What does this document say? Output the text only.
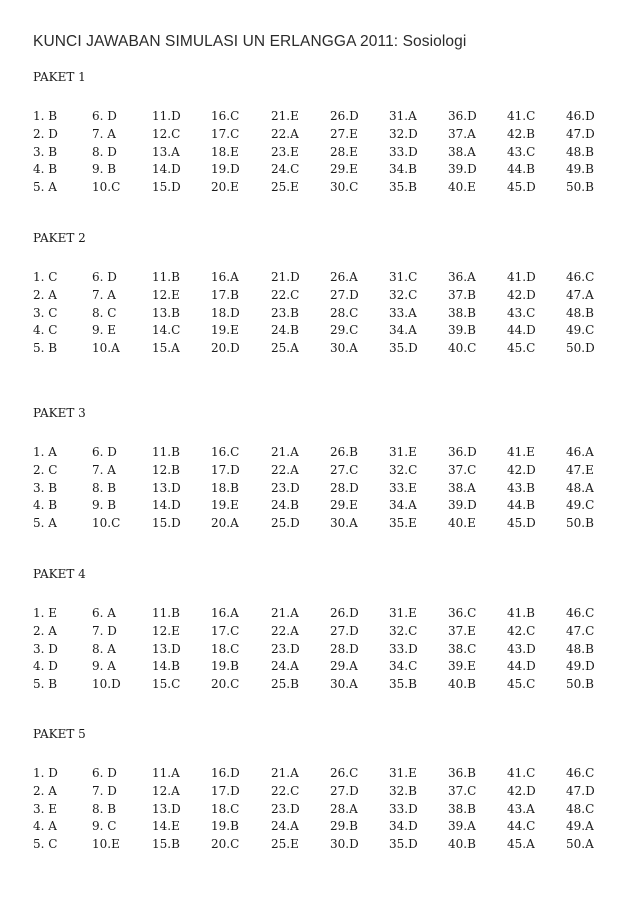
KUNCI JAWABAN SIMULASI UN ERLANGGA 2011: Sosiologi
PAKET 1
1. B	6. D	11.D	16.C	21.E	26.D	31.A	36.D	41.C	46.D
2. D	7. A	12.C	17.C	22.A	27.E	32.D	37.A	42.B	47.D
3. B	8. D	13.A	18.E	23.E	28.E	33.D	38.A	43.C	48.B
4. B	9. B	14.D	19.D	24.C	29.E	34.B	39.D	44.B	49.B
5. A	10.C	15.D	20.E	25.E	30.C	35.B	40.E	45.D	50.B
PAKET 2
1. C	6. D	11.B	16.A	21.D	26.A	31.C	36.A	41.D	46.C
2. A	7. A	12.E	17.B	22.C	27.D	32.C	37.B	42.D	47.A
3. C	8. C	13.B	18.D	23.B	28.C	33.A	38.B	43.C	48.B
4. C	9. E	14.C	19.E	24.B	29.C	34.A	39.B	44.D	49.C
5. B	10.A	15.A	20.D	25.A	30.A	35.D	40.C	45.C	50.D
PAKET 3
1. A	6. D	11.B	16.C	21.A	26.B	31.E	36.D	41.E	46.A
2. C	7. A	12.B	17.D	22.A	27.C	32.C	37.C	42.D	47.E
3. B	8. B	13.D	18.B	23.D	28.D	33.E	38.A	43.B	48.A
4. B	9. B	14.D	19.E	24.B	29.E	34.A	39.D	44.B	49.C
5. A	10.C	15.D	20.A	25.D	30.A	35.E	40.E	45.D	50.B
PAKET 4
1. E	6. A	11.B	16.A	21.A	26.D	31.E	36.C	41.B	46.C
2. A	7. D	12.E	17.C	22.A	27.D	32.C	37.E	42.C	47.C
3. D	8. A	13.D	18.C	23.D	28.D	33.D	38.C	43.D	48.B
4. D	9. A	14.B	19.B	24.A	29.A	34.C	39.E	44.D	49.D
5. B	10.D	15.C	20.C	25.B	30.A	35.B	40.B	45.C	50.B
PAKET 5
1. D	6. D	11.A	16.D	21.A	26.C	31.E	36.B	41.C	46.C
2. A	7. D	12.A	17.D	22.C	27.D	32.B	37.C	42.D	47.D
3. E	8. B	13.D	18.C	23.D	28.A	33.D	38.B	43.A	48.C
4. A	9. C	14.E	19.B	24.A	29.B	34.D	39.A	44.C	49.A
5. C	10.E	15.B	20.C	25.E	30.D	35.D	40.B	45.A	50.A
